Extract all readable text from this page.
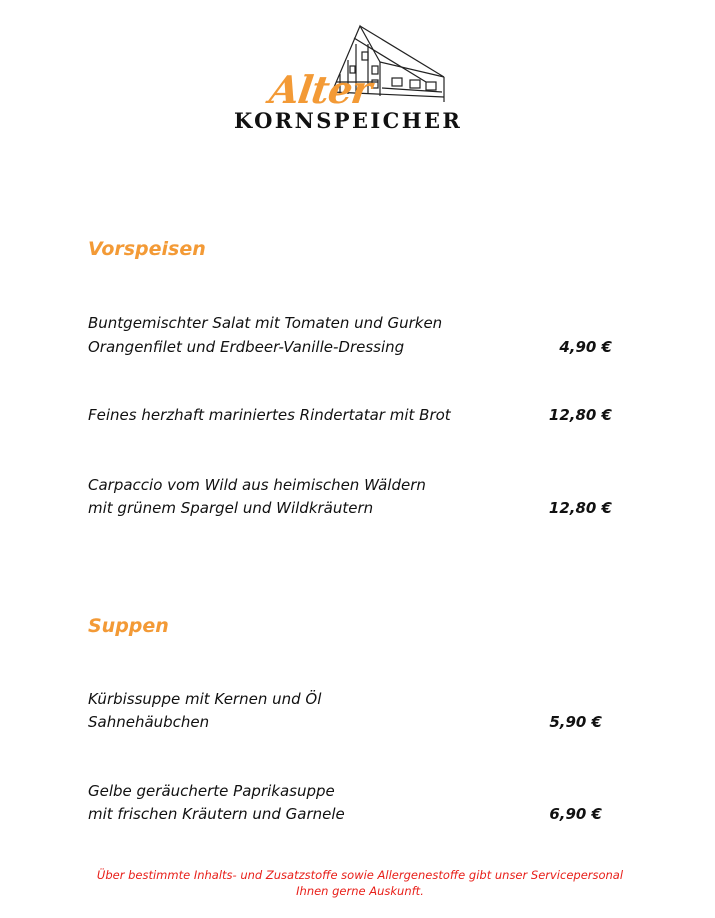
Alter
KORNSPEICHER
Vorspeisen
Buntgemischter Salat mit Tomaten und Gurken
Orangenfilet und Erdbeer-Vanille-Dressing	4,90 €
Feines herzhaft mariniertes Rindertatar mit Brot	12,80 €
Carpaccio vom Wild aus heimischen Wäldern
mit grünem Spargel und Wildkräutern	12,80 €
Suppen
Kürbissuppe mit Kernen und Öl
Sahnehäubchen	5,90 €
Gelbe geräucherte Paprikasuppe
mit frischen Kräutern und Garnele	6,90 €
Über bestimmte Inhalts- und Zusatzstoffe sowie Allergenestoffe gibt unser Servicepersonal
Ihnen gerne Auskunft.
